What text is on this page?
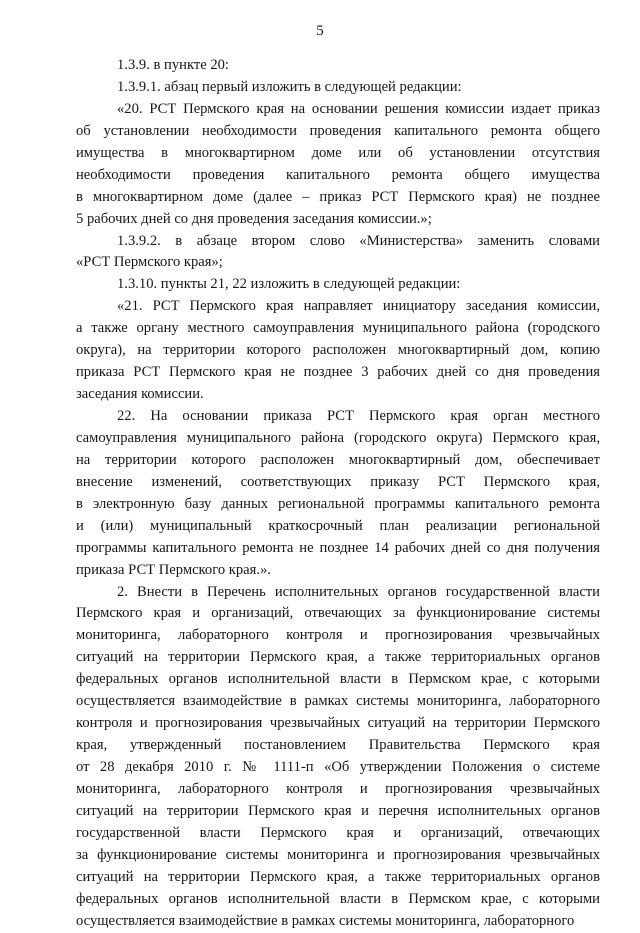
5
1.3.9. в пункте 20:
1.3.9.1. абзац первый изложить в следующей редакции:
«20. РСТ Пермского края на основании решения комиссии издает приказ
об установлении необходимости проведения капитального ремонта общего
имущества в многоквартирном доме или об установлении отсутствия
необходимости проведения капитального ремонта общего имущества
в многоквартирном доме (далее – приказ РСТ Пермского края) не позднее
5 рабочих дней со дня проведения заседания комиссии.»;
1.3.9.2. в абзаце втором слово «Министерства» заменить словами
«РСТ Пермского края»;
1.3.10. пункты 21, 22 изложить в следующей редакции:
«21. РСТ Пермского края направляет инициатору заседания комиссии,
а также органу местного самоуправления муниципального района (городского
округа), на территории которого расположен многоквартирный дом, копию
приказа РСТ Пермского края не позднее 3 рабочих дней со дня проведения
заседания комиссии.
22. На основании приказа РСТ Пермского края орган местного
самоуправления муниципального района (городского округа) Пермского края,
на территории которого расположен многоквартирный дом, обеспечивает
внесение изменений, соответствующих приказу РСТ Пермского края,
в электронную базу данных региональной программы капитального ремонта
и (или) муниципальный краткосрочный план реализации региональной
программы капитального ремонта не позднее 14 рабочих дней со дня получения
приказа РСТ Пермского края.».
2. Внести в Перечень исполнительных органов государственной власти
Пермского края и организаций, отвечающих за функционирование системы
мониторинга, лабораторного контроля и прогнозирования чрезвычайных
ситуаций на территории Пермского края, а также территориальных органов
федеральных органов исполнительной власти в Пермском крае, с которыми
осуществляется взаимодействие в рамках системы мониторинга, лабораторного
контроля и прогнозирования чрезвычайных ситуаций на территории Пермского
края, утвержденный постановлением Правительства Пермского края
от 28 декабря 2010 г. № 1111-п «Об утверждении Положения о системе
мониторинга, лабораторного контроля и прогнозирования чрезвычайных
ситуаций на территории Пермского края и перечня исполнительных органов
государственной власти Пермского края и организаций, отвечающих
за функционирование системы мониторинга и прогнозирования чрезвычайных
ситуаций на территории Пермского края, а также территориальных органов
федеральных органов исполнительной власти в Пермском крае, с которыми
осуществляется взаимодействие в рамках системы мониторинга, лабораторного
